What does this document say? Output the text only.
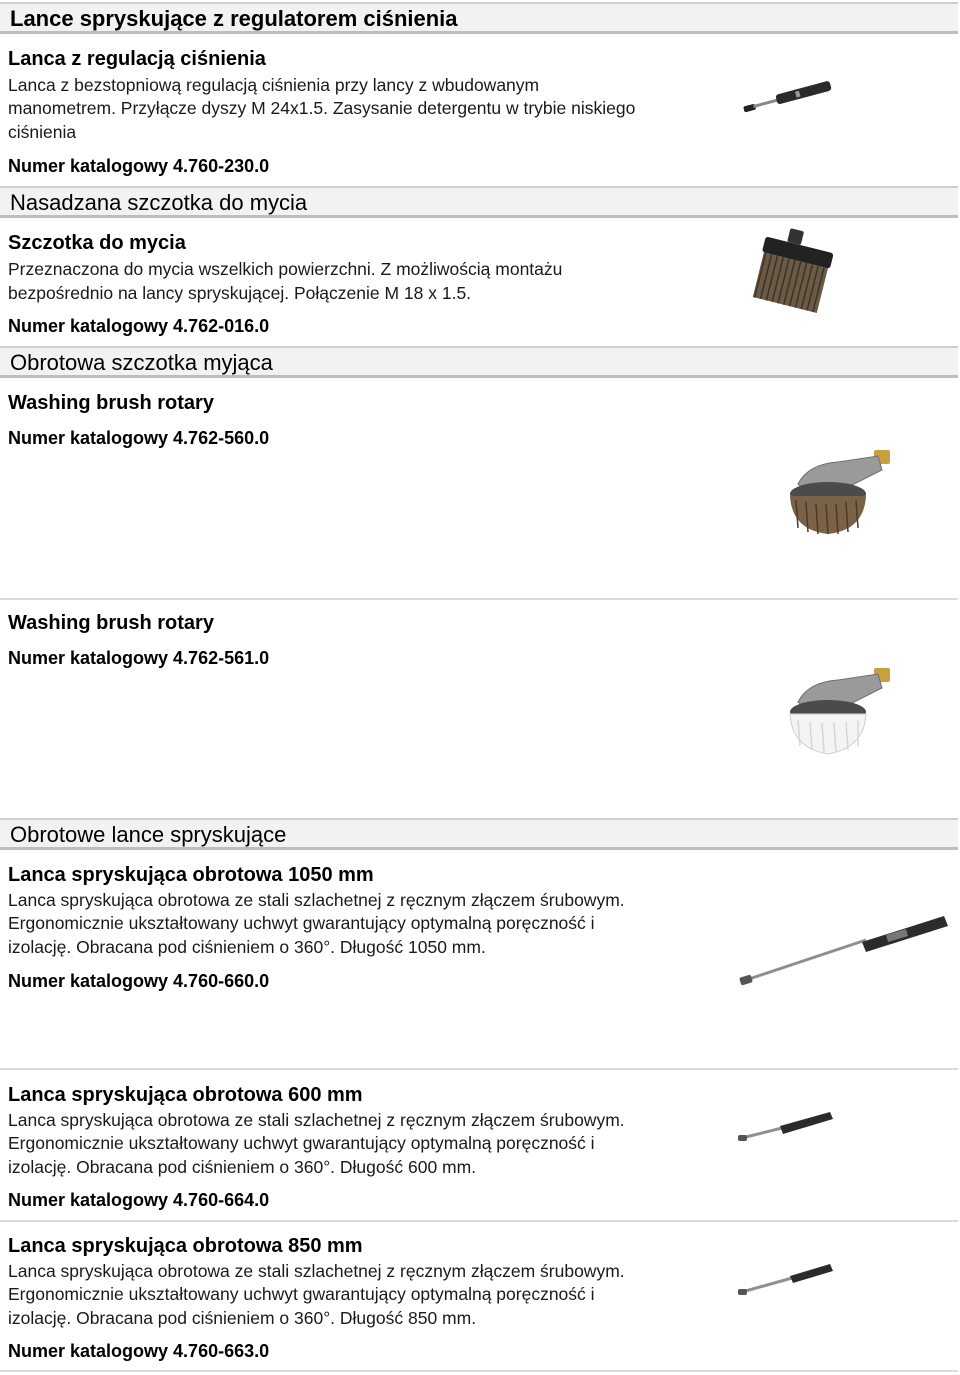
Lance spryskujące z regulatorem ciśnienia
Lanca z regulacją ciśnienia
Lanca z bezstopniową regulacją ciśnienia przy lancy z wbudowanym
manometrem. Przyłącze dyszy M 24x1.5. Zasysanie detergentu w trybie niskiego
ciśnienia
Numer katalogowy 4.760-230.0
Nasadzana szczotka do mycia
Szczotka do mycia
Przeznaczona do mycia wszelkich powierzchni. Z możliwością montażu
bezpośrednio na lancy spryskującej. Połączenie M 18 x 1.5.
Numer katalogowy 4.762-016.0
Obrotowa szczotka myjąca
Washing brush rotary
Numer katalogowy 4.762-560.0
Washing brush rotary
Numer katalogowy 4.762-561.0
Obrotowe lance spryskujące
Lanca spryskująca obrotowa 1050 mm
Lanca spryskująca obrotowa ze stali szlachetnej z ręcznym złączem śrubowym.
Ergonomicznie ukształtowany uchwyt gwarantujący optymalną poręczność i
izolację. Obracana pod ciśnieniem o 360°. Długość 1050 mm.
Numer katalogowy 4.760-660.0
Lanca spryskująca obrotowa 600 mm
Lanca spryskująca obrotowa ze stali szlachetnej z ręcznym złączem śrubowym.
Ergonomicznie ukształtowany uchwyt gwarantujący optymalną poręczność i
izolację. Obracana pod ciśnieniem o 360°. Długość 600 mm.
Numer katalogowy 4.760-664.0
Lanca spryskująca obrotowa 850 mm
Lanca spryskująca obrotowa ze stali szlachetnej z ręcznym złączem śrubowym.
Ergonomicznie ukształtowany uchwyt gwarantujący optymalną poręczność i
izolację. Obracana pod ciśnieniem o 360°. Długość 850 mm.
Numer katalogowy 4.760-663.0
